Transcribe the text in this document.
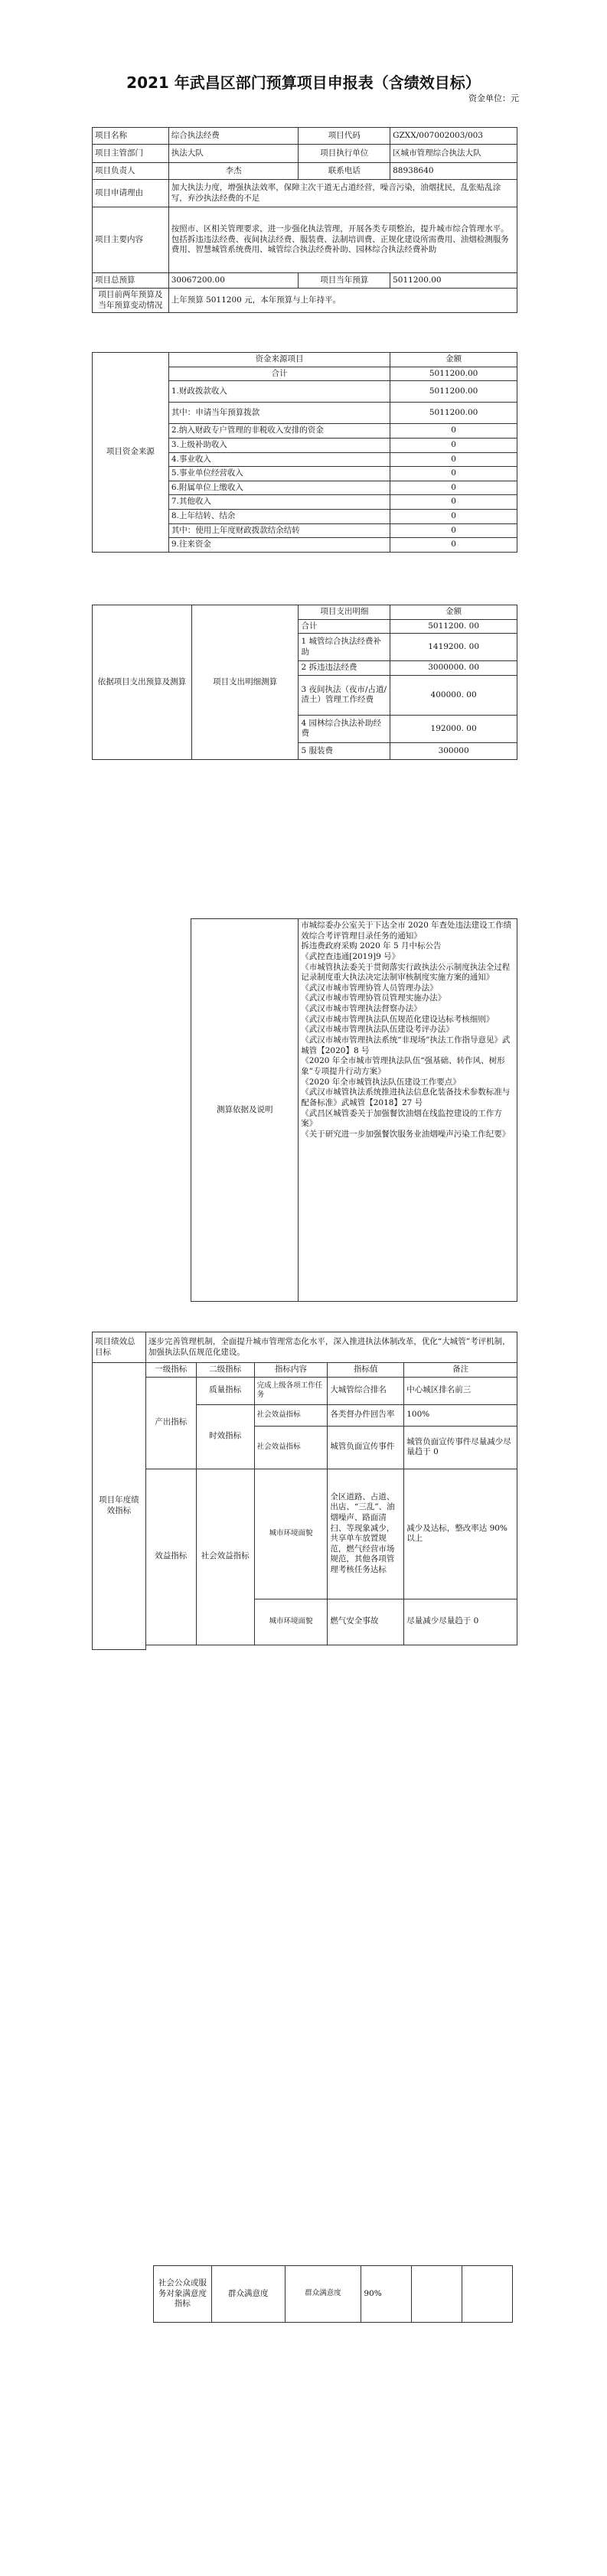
2021 年武昌区部门预算项目申报表（含绩效目标）
资金单位：元
项目名称	综合执法经费	项目代码	GZXX/007002003/003
项目主管部门	执法大队	项目执行单位	区城市管理综合执法大队
项目负责人	李杰	联系电话	88938640
项目申请理由	加大执法力度，增强执法效率，保障主次干道无占道经营，噪音污染，油烟扰民，乱张贴乱涂写，弃沙执法经费的不足		
项目主要内容	按照市、区相关管理要求，进一步强化执法管理，开展各类专项整治，提升城市综合管理水平。包括拆违违法经费、夜间执法经费、服装费、法制培训费、正规化建设所需费用、油烟检测服务费用、智慧城管系统费用、城管综合执法经费补助、园林综合执法经费补助		
项目总预算	30067200.00	项目当年预算	5011200.00
项目前两年预算及当年预算变动情况	上年预算 5011200 元，本年预算与上年持平。		
项目资金来源	资金来源项目	金额
	合计	5011200.00
	1.财政拨款收入	5011200.00
	其中：申请当年预算拨款	5011200.00
	2.纳入财政专户管理的非税收入安排的资金	0
	3.上级补助收入	0
	4.事业收入	0
	5.事业单位经营收入	0
	6.附属单位上缴收入	0
	7.其他收入	0
	8.上年结转、结余	0
	其中：使用上年度财政拨款结余结转	0
	9.往来资金	0
依据项目支出预算及测算	项目支出明细测算	项目支出明细	金额
		合计	5011200. 00
		1 城管综合执法经费补助	1419200. 00
		2 拆违违法经费	3000000. 00
		3 夜间执法（夜市/占道/渣土）管理工作经费	400000. 00
		4 园林综合执法补助经费	192000. 00
		5 服装费	300000
	测算依据及说明	市城综委办公室关于下达全市 2020 年查处违法建设工作绩效综合考评管理目录任务的通知》
拆违费政府采购 2020 年 5 月中标公告
《武控查违通[2019]9 号》
《市城管执法委关于贯彻落实行政执法公示制度执法全过程记录制度重大执法决定法制审核制度实施方案的通知》
《武汉市城市管理协管人员管理办法》
《武汉市城市管理协管员管理实施办法》
《武汉市城市管理执法督察办法》
《武汉市城市管理执法队伍规范化建设达标考核细则》
《武汉市城市管理执法队伍建设考评办法》
《武汉市城市管理执法系统“非现场”执法工作指导意见》武城管【2020】8 号
《2020 年全市城市管理执法队伍“强基础、转作风、树形象”专项提升行动方案》
《2020 年全市城管执法队伍建设工作要点》
《武汉市城管执法系统推进执法信息化装备技术参数标准与配备标准》武城管【2018】27 号
《武昌区城管委关于加强餐饮油烟在线监控建设的工作方案》
《关于研究进一步加强餐饮服务业油烟噪声污染工作纪要》
项目绩效总目标	逐步完善管理机制，全面提升城市管理常态化水平，深入推进执法体制改革，优化“大城管”考评机制，加强执法队伍规范化建设。				
项目年度绩效指标	一级指标	二级指标	指标内容	指标值	备注
	产出指标	质量指标	完成上级各项工作任务	大城管综合排名	中心城区排名前三
		时效指标	社会效益指标	各类督办件回告率	100%
			社会效益指标	城管负面宣传事件	城管负面宣传事件尽量减少尽量趋于 0
	效益指标	社会效益指标	城市环境面貌	全区道路、占道、出店、“三乱”、油烟噪声、路面清扫、等现象减少，共享单车放置规范，燃气经营市场规范，其他各项管理考核任务达标	减少及达标，整改率达 90% 以上
			城市环境面貌	燃气安全事故	尽量减少尽量趋于 0

社会公众或服务对象满意度指标	群众满意度	群众满意度	90%		
